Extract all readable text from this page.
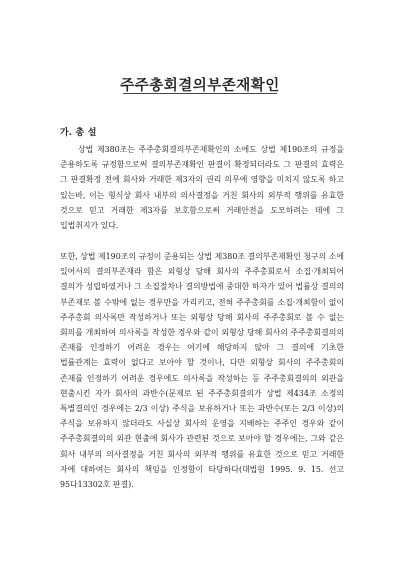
주주총회결의부존재확인
가. 총 설
상법 제380조는 주주총회결의부존재확인의 소에도 상법 제190조의 규정을 준용하도록 규정함으로써 결의부존재확인 판결이 확정되더라도 그 판결의 효력은 그 판결확정 전에 회사와 거래한 제3자의 권리 의무에 영향을 미치지 않도록 하고 있는바, 이는 형식상 회사 내부의 의사결정을 거친 회사의 외부적 행위를 유효한 것으로 믿고 거래한 제3자를 보호함으로써 거래안전을 도모하려는 데에 그 입법취지가 있다.
또한, 상법 제190조의 규정이 준용되는 상법 제380조 결의부존재확인 청구의 소에 있어서의 결의부존재라 함은 외형상 당해 회사의 주주총회로서 소집·개최되어 결의가 성립하였거나 그 소집절차나 결의방법에 중대한 하자가 있어 법률상 결의의 부존재로 볼 수밖에 없는 경우만을 가리키고, 전혀 주주총회를 소집·개최함이 없이 주주총회 의사록만 작성하거나 또는 외형상 당해 회사의 주주총회로 볼 수 없는 회의를 개최하여 의사록을 작성한 경우와 같이 외형상 당해 회사의 주주총회결의의 존재를 인정하기 어려운 경우는 여기에 해당하지 않아 그 결의에 기초한 법률관계는 효력이 없다고 보아야 할 것이나, 다만 외형상 회사의 주주총회의 존재를 인정하기 어려운 경우에도 의사록을 작성하는 등 주주총회결의의 외관을 현출시킨 자가 회사의 과반수(문제로 된 주주총회결의가 상법 제434조 소정의 특별결의인 경우에는 2/3 이상) 주식을 보유하거나 또는 과반수(또는 2/3 이상)의 주식을 보유하지 않더라도 사실상 회사의 운영을 지배하는 주주인 경우와 같이 주주총회결의의 외관 현출에 회사가 관련된 것으로 보아야 할 경우에는, 그와 같은 회사 내부의 의사결정을 거친 회사의 외부적 행위를 유효한 것으로 믿고 거래한 자에 대하여는 회사의 책임을 인정함이 타당하다(대법원 1995. 9. 15. 선고 95다13302호 판결).
